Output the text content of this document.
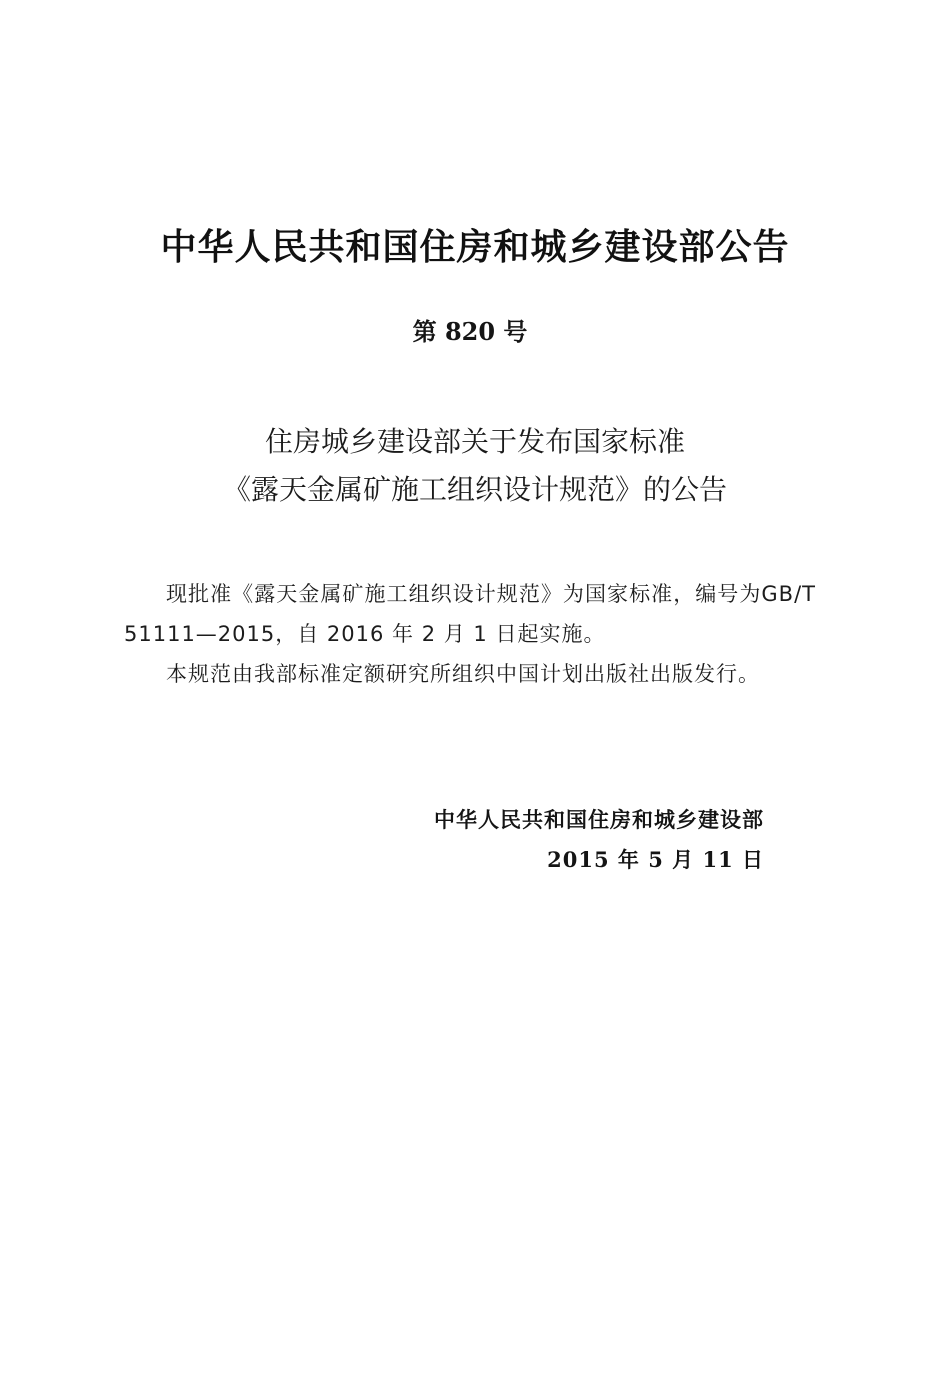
中华人民共和国住房和城乡建设部公告
第 820 号
住房城乡建设部关于发布国家标准
《露天金属矿施工组织设计规范》的公告

现批准《露天金属矿施工组织设计规范》为国家标准，编号为GB/T 51111—2015，自 2016 年 2 月 1 日起实施。

本规范由我部标准定额研究所组织中国计划出版社出版发行。

中华人民共和国住房和城乡建设部
2015 年 5 月 11 日
